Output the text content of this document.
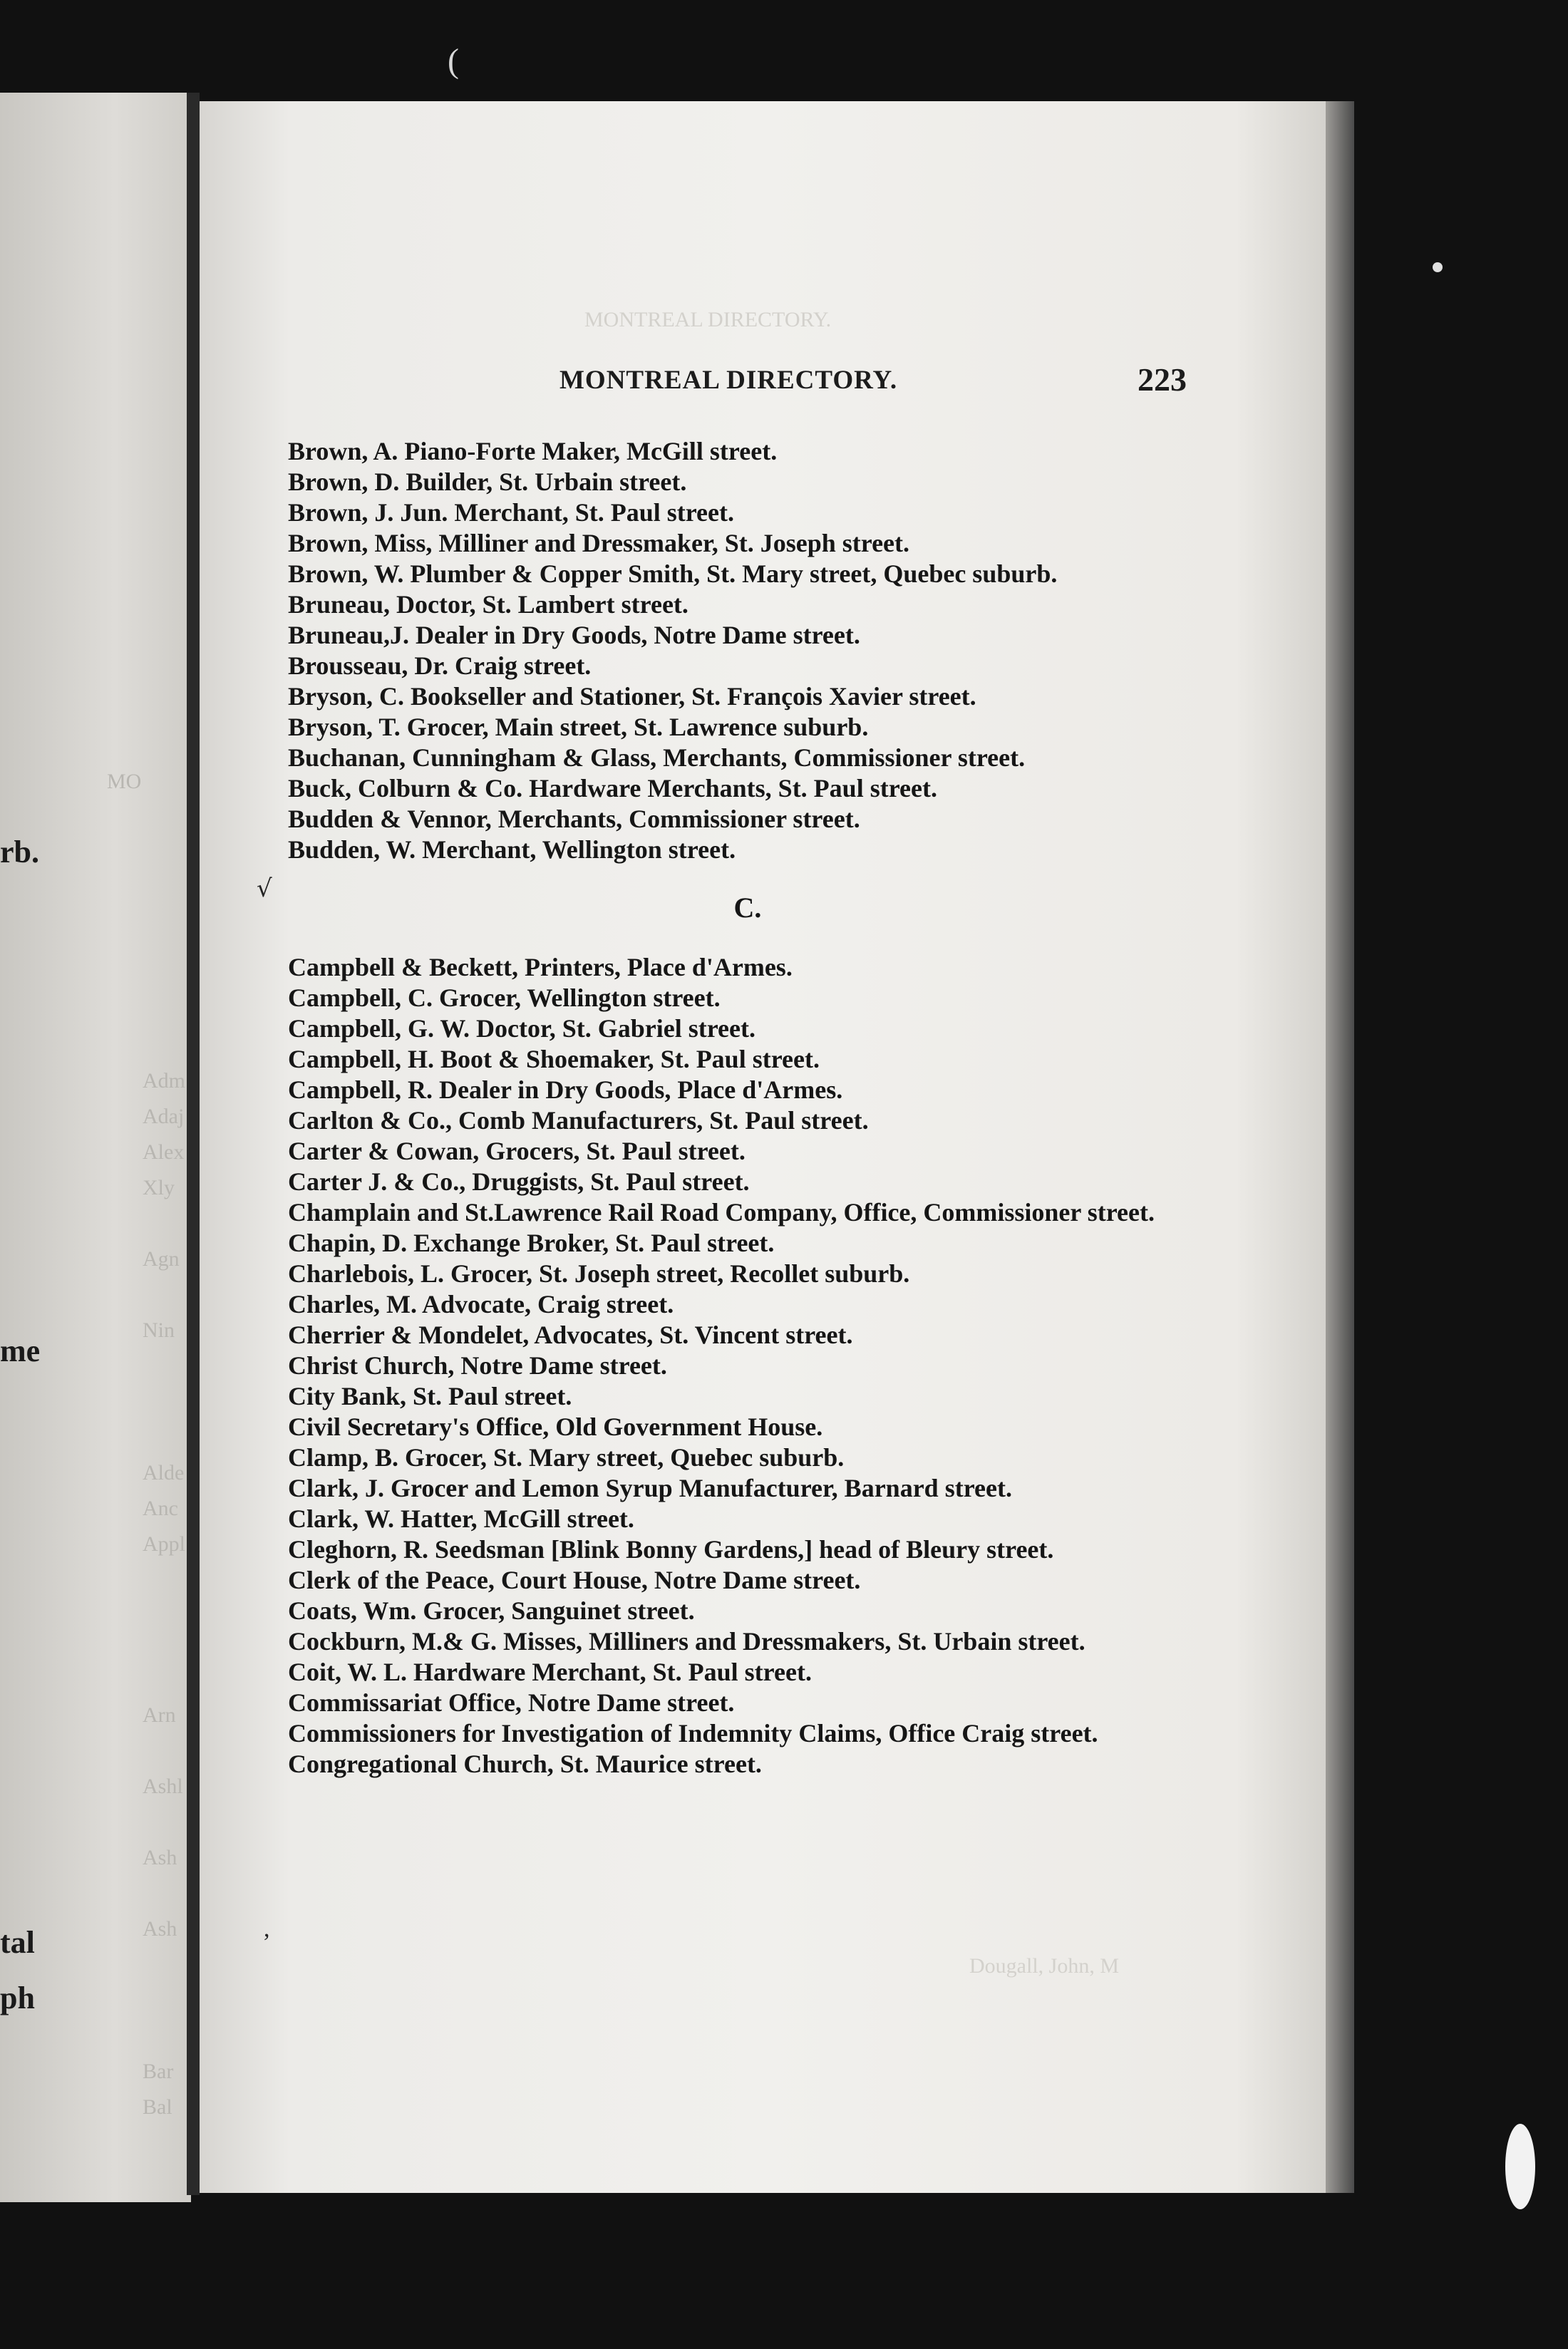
(
MO
Adm
Adaj
Alex
Xly
Agn
Nin
Alde
Anc
Appl
Arn
Ashl
Ash
Ash
Bar
Bal
rb.
me
tal
ph
MONTREAL DIRECTORY.
Dougall, John, M
MONTREAL DIRECTORY.	223
√
,
Brown, A. Piano-Forte Maker, McGill street.
Brown, D. Builder, St. Urbain street.
Brown, J. Jun. Merchant, St. Paul street.
Brown, Miss, Milliner and Dressmaker, St. Joseph street.
Brown, W. Plumber & Copper Smith, St. Mary street, Quebec suburb.
Bruneau, Doctor, St. Lambert street.
Bruneau,J. Dealer in Dry Goods, Notre Dame street.
Brousseau, Dr. Craig street.
Bryson, C. Bookseller and Stationer, St. François Xavier street.
Bryson, T. Grocer, Main street, St. Lawrence suburb.
Buchanan, Cunningham & Glass, Merchants, Commissioner street.
Buck, Colburn & Co. Hardware Merchants, St. Paul street.
Budden & Vennor, Merchants, Commissioner street.
Budden, W. Merchant, Wellington street.
C.
Campbell & Beckett, Printers, Place d'Armes.
Campbell, C. Grocer, Wellington street.
Campbell, G. W. Doctor, St. Gabriel street.
Campbell, H. Boot & Shoemaker, St. Paul street.
Campbell, R. Dealer in Dry Goods, Place d'Armes.
Carlton & Co., Comb Manufacturers, St. Paul street.
Carter & Cowan, Grocers, St. Paul street.
Carter J. & Co., Druggists, St. Paul street.
Champlain and St.Lawrence Rail Road Company, Office, Commissioner street.
Chapin, D. Exchange Broker, St. Paul street.
Charlebois, L. Grocer, St. Joseph street, Recollet suburb.
Charles, M. Advocate, Craig street.
Cherrier & Mondelet, Advocates, St. Vincent street.
Christ Church, Notre Dame street.
City Bank, St. Paul street.
Civil Secretary's Office, Old Government House.
Clamp, B. Grocer, St. Mary street, Quebec suburb.
Clark, J. Grocer and Lemon Syrup Manufacturer, Barnard street.
Clark, W. Hatter, McGill street.
Cleghorn, R. Seedsman [Blink Bonny Gardens,] head of Bleury street.
Clerk of the Peace, Court House, Notre Dame street.
Coats, Wm. Grocer, Sanguinet street.
Cockburn, M.& G. Misses, Milliners and Dressmakers, St. Urbain street.
Coit, W. L. Hardware Merchant, St. Paul street.
Commissariat Office, Notre Dame street.
Commissioners for Investigation of Indemnity Claims, Office Craig street.
Congregational Church, St. Maurice street.
